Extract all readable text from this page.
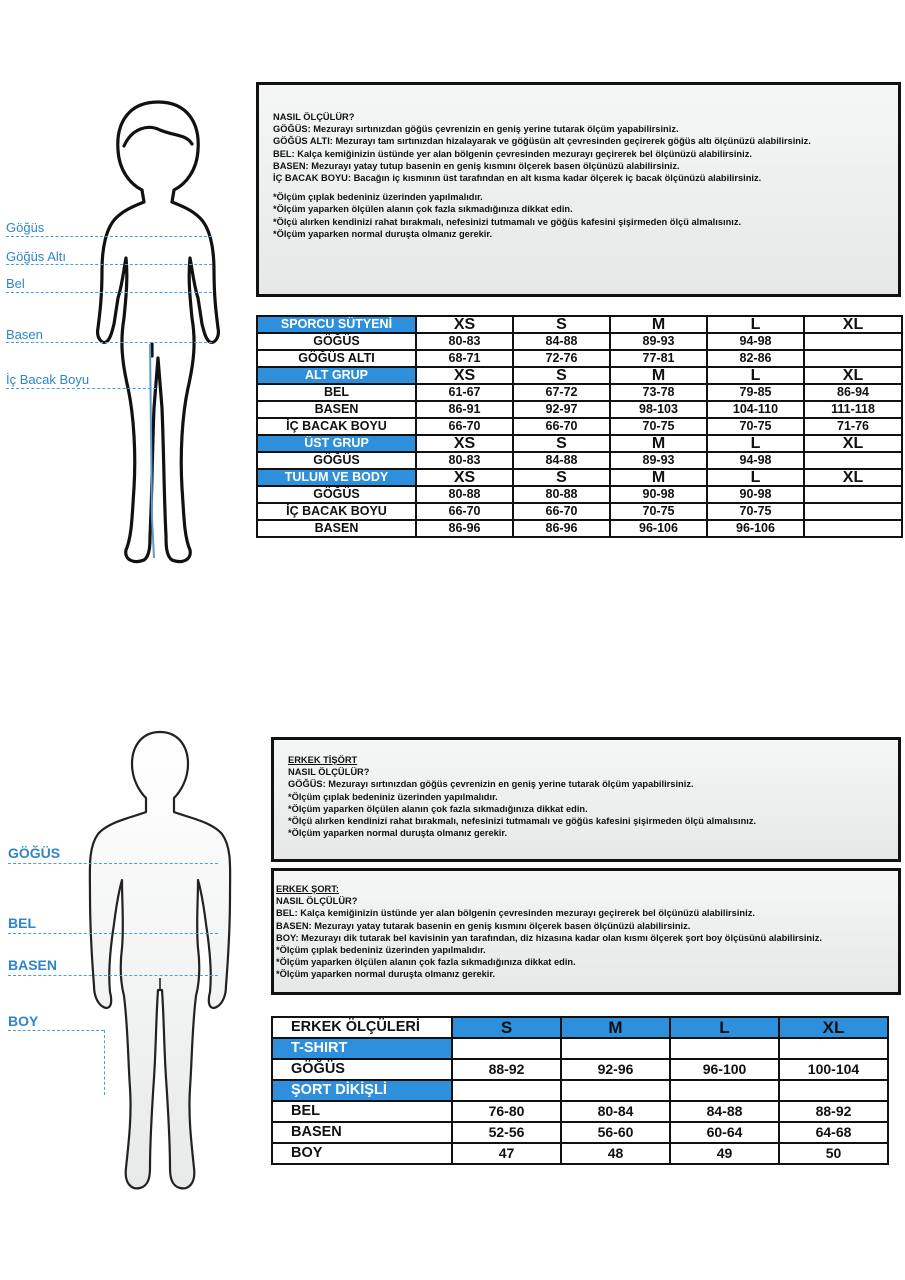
Göğüs
Göğüs Altı
Bel
Basen
İç Bacak Boyu
NASIL ÖLÇÜLÜR?
GÖĞÜS: Mezurayı sırtınızdan göğüs çevrenizin en geniş yerine tutarak ölçüm yapabilirsiniz.
GÖĞÜS ALTI: Mezurayı tam sırtınızdan hizalayarak ve göğüsün alt çevresinden geçirerek göğüs altı ölçünüzü alabilirsiniz.
BEL: Kalça kemiğinizin üstünde yer alan bölgenin çevresinden mezurayı geçirerek bel ölçünüzü alabilirsiniz.
BASEN: Mezurayı yatay tutup basenin en geniş kısmını ölçerek basen ölçünüzü alabilirsiniz.
İÇ BACAK BOYU: Bacağın iç kısmının üst tarafından en alt kısma kadar ölçerek iç bacak ölçünüzü alabilirsiniz.
*Ölçüm çıplak bedeniniz üzerinden yapılmalıdır.
*Ölçüm yaparken ölçülen alanın çok fazla sıkmadığınıza dikkat edin.
*Ölçü alırken kendinizi rahat bırakmalı, nefesinizi tutmamalı ve göğüs kafesini şişirmeden ölçü almalısınız.
*Ölçüm yaparken normal duruşta olmanız gerekir.
SPORCU SÜTYENİ	XS	S	M	L	XL
GÖĞÜS	80-83	84-88	89-93	94-98	
GÖĞÜS ALTI	68-71	72-76	77-81	82-86	
ALT GRUP	XS	S	M	L	XL
BEL	61-67	67-72	73-78	79-85	86-94
BASEN	86-91	92-97	98-103	104-110	111-118
İÇ BACAK BOYU	66-70	66-70	70-75	70-75	71-76
ÜST GRUP	XS	S	M	L	XL
GÖĞÜS	80-83	84-88	89-93	94-98	
TULUM VE BODY	XS	S	M	L	XL
GÖĞÜS	80-88	80-88	90-98	90-98	
İÇ BACAK BOYU	66-70	66-70	70-75	70-75	
BASEN	86-96	86-96	96-106	96-106	
GÖĞÜS
BEL
BASEN
BOY
ERKEK TİŞÖRT
NASIL ÖLÇÜLÜR?
GÖĞÜS: Mezurayı sırtınızdan göğüs çevrenizin en geniş yerine tutarak ölçüm yapabilirsiniz.
*Ölçüm çıplak bedeniniz üzerinden yapılmalıdır.
*Ölçüm yaparken ölçülen alanın çok fazla sıkmadığınıza dikkat edin.
*Ölçü alırken kendinizi rahat bırakmalı, nefesinizi tutmamalı ve göğüs kafesini şişirmeden ölçü almalısınız.
*Ölçüm yaparken normal duruşta olmanız gerekir.
ERKEK ŞORT:
NASIL ÖLÇÜLÜR?
BEL: Kalça kemiğinizin üstünde yer alan bölgenin çevresinden mezurayı geçirerek bel ölçünüzü alabilirsiniz.
BASEN: Mezurayı yatay tutarak basenin en geniş kısmını ölçerek basen ölçünüzü alabilirsiniz.
BOY: Mezurayı dik tutarak bel kavisinin yan tarafından, diz hizasına kadar olan kısmı ölçerek şort boy ölçüsünü alabilirsiniz.
*Ölçüm çıplak bedeniniz üzerinden yapılmalıdır.
*Ölçüm yaparken ölçülen alanın çok fazla sıkmadığınıza dikkat edin.
*Ölçüm yaparken normal duruşta olmanız gerekir.
ERKEK ÖLÇÜLERİ	S	M	L	XL
T-SHIRT				
GÖĞÜS	88-92	92-96	96-100	100-104
ŞORT DİKİŞLİ				
BEL	76-80	80-84	84-88	88-92
BASEN	52-56	56-60	60-64	64-68
BOY	47	48	49	50
